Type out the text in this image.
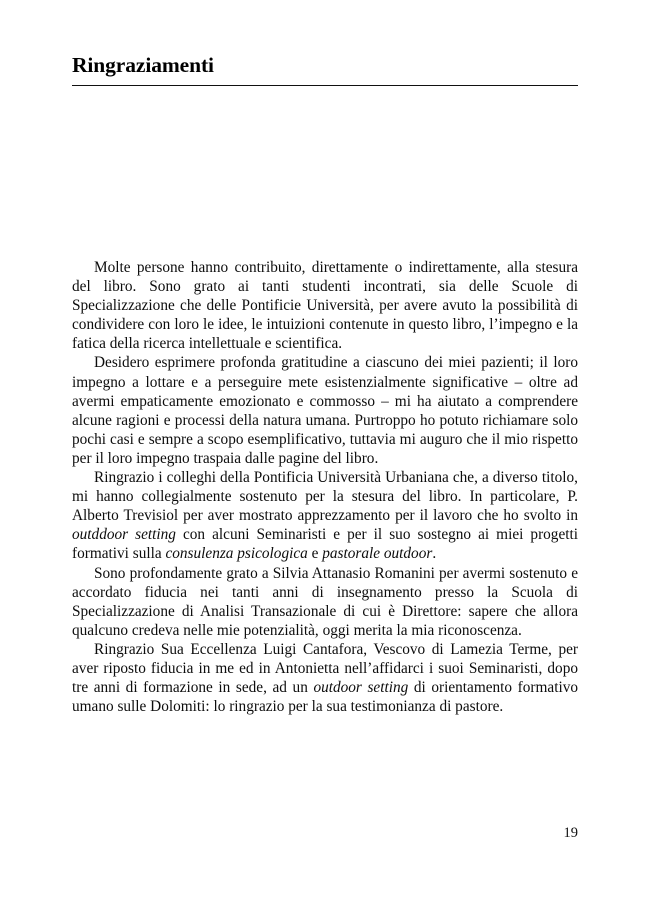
Ringraziamenti

Molte persone hanno contribuito, direttamente o indirettamente, alla stesura del libro. Sono grato ai tanti studenti incontrati, sia delle Scuole di Specializzazione che delle Pontificie Università, per avere avuto la possibilità di condividere con loro le idee, le intuizioni contenute in questo libro, l’impegno e la fatica della ricerca intellettuale e scientifica.

Desidero esprimere profonda gratitudine a ciascuno dei miei pazienti; il loro impegno a lottare e a perseguire mete esistenzialmente significative – oltre ad avermi empaticamente emozionato e commosso – mi ha aiutato a comprendere alcune ragioni e processi della natura umana. Purtroppo ho potuto richiamare solo pochi casi e sempre a scopo esemplificativo, tuttavia mi auguro che il mio rispetto per il loro impegno traspaia dalle pagine del libro.

Ringrazio i colleghi della Pontificia Università Urbaniana che, a diverso titolo, mi hanno collegialmente sostenuto per la stesura del libro. In particolare, P. Alberto Trevisiol per aver mostrato apprezzamento per il lavoro che ho svolto in outddoor setting con alcuni Seminaristi e per il suo sostegno ai miei progetti formativi sulla consulenza psicologica e pastorale outdoor.

Sono profondamente grato a Silvia Attanasio Romanini per avermi sostenuto e accordato fiducia nei tanti anni di insegnamento presso la Scuola di Specializzazione di Analisi Transazionale di cui è Direttore: sapere che allora qualcuno credeva nelle mie potenzialità, oggi merita la mia riconoscenza.

Ringrazio Sua Eccellenza Luigi Cantafora, Vescovo di Lamezia Terme, per aver riposto fiducia in me ed in Antonietta nell’affidarci i suoi Seminaristi, dopo tre anni di formazione in sede, ad un outdoor setting di orientamento formativo umano sulle Dolomiti: lo ringrazio per la sua testimonianza di pastore.

19
